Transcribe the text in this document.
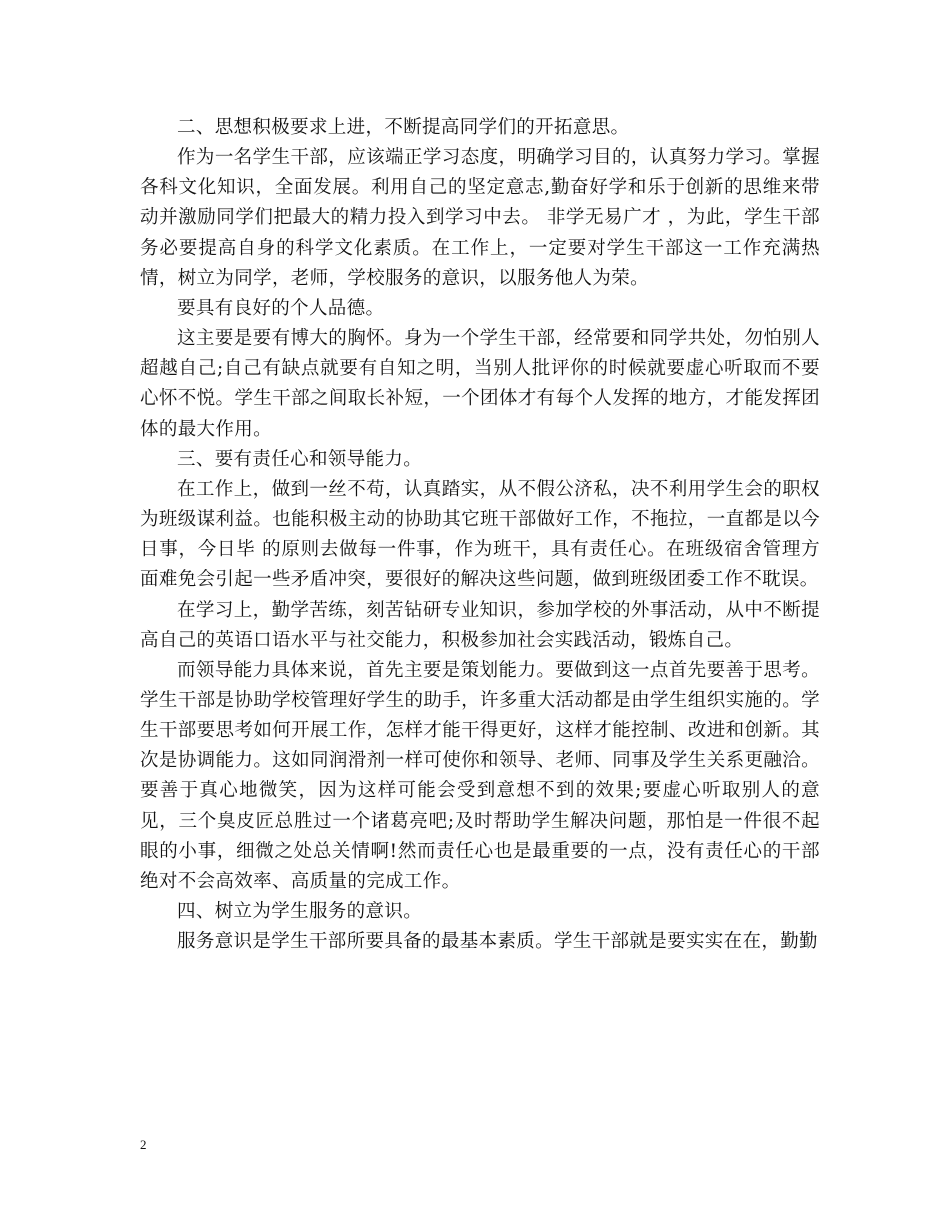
二、思想积极要求上进，不断提高同学们的开拓意思。

作为一名学生干部，应该端正学习态度，明确学习目的，认真努力学习。掌握各科文化知识，全面发展。利用自己的坚定意志,勤奋好学和乐于创新的思维来带动并激励同学们把最大的精力投入到学习中去。 非学无易广才 ，为此，学生干部务必要提高自身的科学文化素质。在工作上，一定要对学生干部这一工作充满热情，树立为同学，老师，学校服务的意识，以服务他人为荣。

要具有良好的个人品德。

这主要是要有博大的胸怀。身为一个学生干部，经常要和同学共处，勿怕别人超越自己;自己有缺点就要有自知之明，当别人批评你的时候就要虚心听取而不要心怀不悦。学生干部之间取长补短，一个团体才有每个人发挥的地方，才能发挥团体的最大作用。

三、要有责任心和领导能力。

在工作上，做到一丝不苟，认真踏实，从不假公济私，决不利用学生会的职权为班级谋利益。也能积极主动的协助其它班干部做好工作，不拖拉，一直都是以今日事，今日毕 的原则去做每一件事，作为班干，具有责任心。在班级宿舍管理方面难免会引起一些矛盾冲突，要很好的解决这些问题，做到班级团委工作不耽误。

在学习上，勤学苦练，刻苦钻研专业知识，参加学校的外事活动，从中不断提高自己的英语口语水平与社交能力，积极参加社会实践活动，锻炼自己。

而领导能力具体来说，首先主要是策划能力。要做到这一点首先要善于思考。学生干部是协助学校管理好学生的助手，许多重大活动都是由学生组织实施的。学生干部要思考如何开展工作，怎样才能干得更好，这样才能控制、改进和创新。其次是协调能力。这如同润滑剂一样可使你和领导、老师、同事及学生关系更融洽。要善于真心地微笑，因为这样可能会受到意想不到的效果;要虚心听取别人的意见，三个臭皮匠总胜过一个诸葛亮吧;及时帮助学生解决问题，那怕是一件很不起眼的小事，细微之处总关情啊!然而责任心也是最重要的一点，没有责任心的干部绝对不会高效率、高质量的完成工作。

四、树立为学生服务的意识。

服务意识是学生干部所要具备的最基本素质。学生干部就是要实实在在，勤勤

2
